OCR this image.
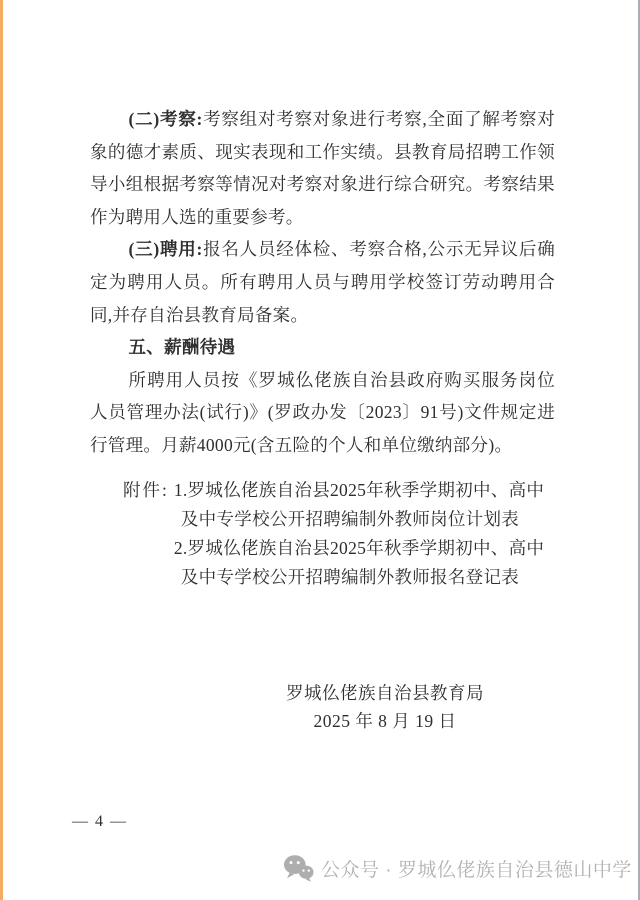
(二)考察:考察组对考察对象进行考察,全面了解考察对象的德才素质、现实表现和工作实绩。县教育局招聘工作领导小组根据考察等情况对考察对象进行综合研究。考察结果作为聘用人选的重要参考。

(三)聘用:报名人员经体检、考察合格,公示无异议后确定为聘用人员。所有聘用人员与聘用学校签订劳动聘用合同,并存自治县教育局备案。

五、薪酬待遇

所聘用人员按《罗城仫佬族自治县政府购买服务岗位人员管理办法(试行)》(罗政办发〔2023〕91号)文件规定进行管理。月薪4000元(含五险的个人和单位缴纳部分)。

附件: 1.罗城仫佬族自治县2025年秋季学期初中、高中
及中专学校公开招聘编制外教师岗位计划表
2.罗城仫佬族自治县2025年秋季学期初中、高中
及中专学校公开招聘编制外教师报名登记表
罗城仫佬族自治县教育局
2025 年 8 月 19 日
— 4 —
公众号 · 罗城仫佬族自治县德山中学
